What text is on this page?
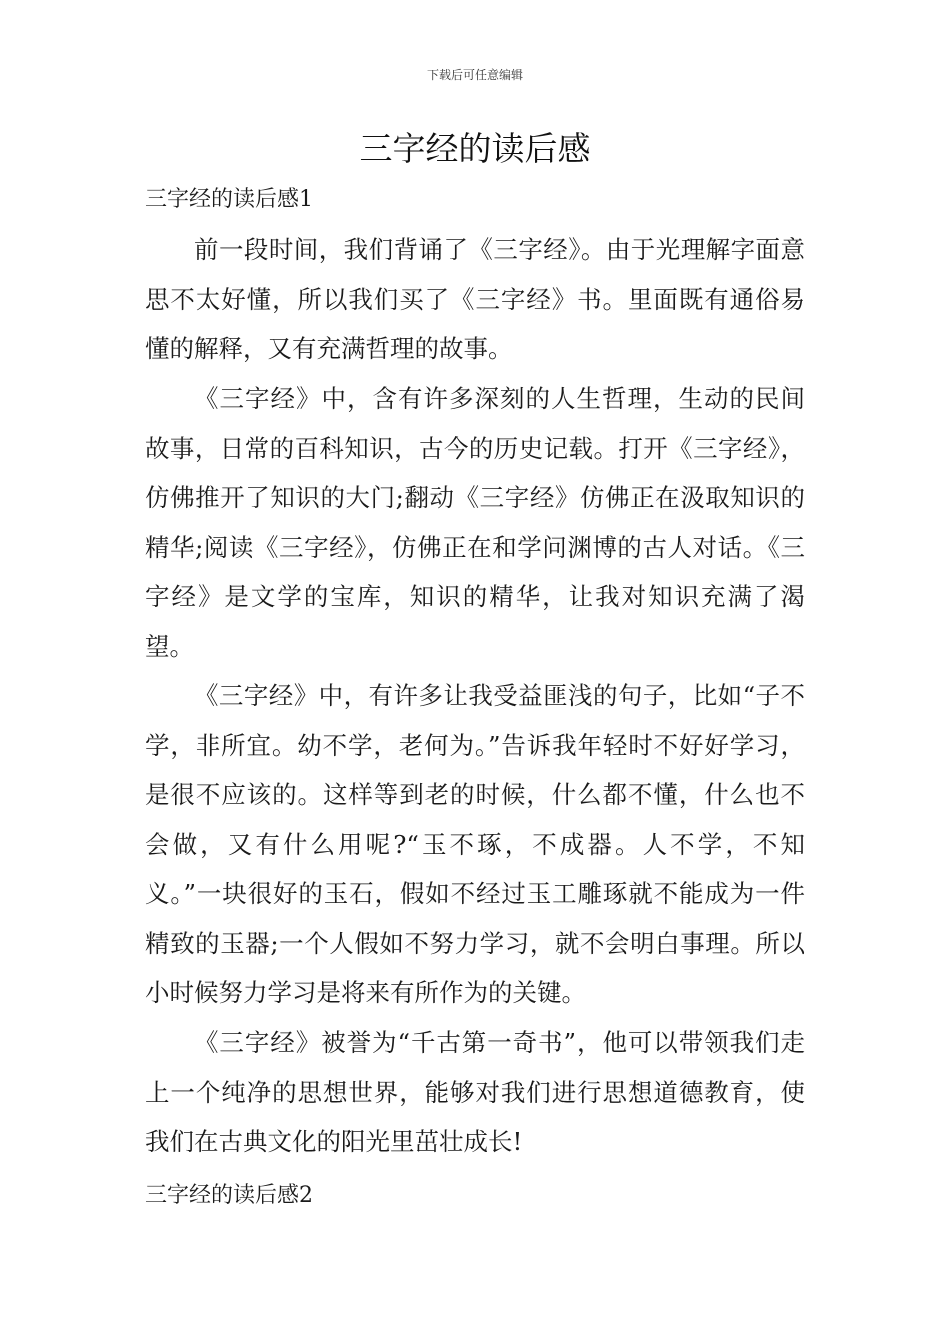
下载后可任意编辑
三字经的读后感
三字经的读后感1

前一段时间，我们背诵了《三字经》。由于光理解字面意思不太好懂，所以我们买了《三字经》书。里面既有通俗易懂的解释，又有充满哲理的故事。

《三字经》中，含有许多深刻的人生哲理，生动的民间故事，日常的百科知识，古今的历史记载。打开《三字经》，仿佛推开了知识的大门;翻动《三字经》仿佛正在汲取知识的精华;阅读《三字经》，仿佛正在和学问渊博的古人对话。《三字经》是文学的宝库，知识的精华，让我对知识充满了渴望。

《三字经》中，有许多让我受益匪浅的句子，比如“子不学，非所宜。幼不学，老何为。”告诉我年轻时不好好学习，是很不应该的。这样等到老的时候，什么都不懂，什么也不会做，又有什么用呢?“玉不琢，不成器。人不学，不知义。”一块很好的玉石，假如不经过玉工雕琢就不能成为一件精致的玉器;一个人假如不努力学习，就不会明白事理。所以小时候努力学习是将来有所作为的关键。

《三字经》被誉为“千古第一奇书”，他可以带领我们走上一个纯净的思想世界，能够对我们进行思想道德教育，使我们在古典文化的阳光里茁壮成长!

三字经的读后感2
